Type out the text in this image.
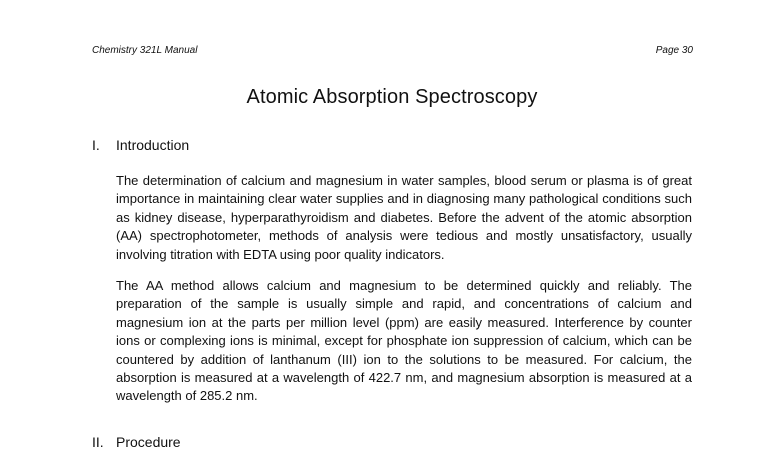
Chemistry 321L Manual	Page 30
Atomic Absorption Spectroscopy
I. Introduction

The determination of calcium and magnesium in water samples, blood serum or plasma is of great importance in maintaining clear water supplies and in diagnosing many pathological conditions such as kidney disease, hyperparathyroidism and diabetes. Before the advent of the atomic absorption (AA) spectrophotometer, methods of analysis were tedious and mostly unsatisfactory, usually involving titration with EDTA using poor quality indicators.

The AA method allows calcium and magnesium to be determined quickly and reliably. The preparation of the sample is usually simple and rapid, and concentrations of calcium and magnesium ion at the parts per million level (ppm) are easily measured. Interference by counter ions or complexing ions is minimal, except for phosphate ion suppression of calcium, which can be countered by addition of lanthanum (III) ion to the solutions to be measured. For calcium, the absorption is measured at a wavelength of 422.7 nm, and magnesium absorption is measured at a wavelength of 285.2 nm.

II. Procedure
